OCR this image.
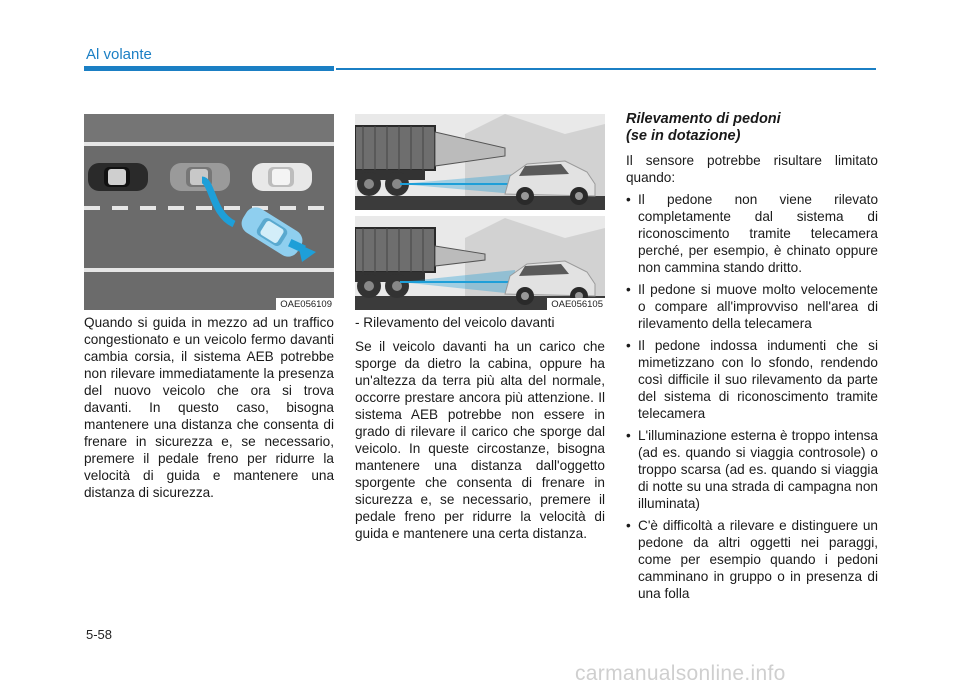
Al volante
OAE056109	OAE056105

Quando si guida in mezzo ad un traffico congestionato e un veicolo fermo davanti cambia corsia, il sistema AEB potrebbe non rilevare immediatamente la presenza del nuovo veicolo che ora si trova davanti. In questo caso, bisogna mantenere una distanza che consenta di frenare in sicurezza e, se necessario, premere il pedale freno per ridurre la velocità di guida e mantenere una distanza di sicurezza.

- Rilevamento del veicolo davanti

Se il veicolo davanti ha un carico che sporge da dietro la cabina, oppure ha un'altezza da terra più alta del normale, occorre prestare ancora più attenzione. Il sistema AEB potrebbe non essere in grado di rilevare il carico che sporge dal veicolo. In queste circostanze, bisogna mantenere una distanza dall'oggetto sporgente che consenta di frenare in sicurezza e, se necessario, premere il pedale freno per ridurre la velocità di guida e mantenere una certa distanza.

Rilevamento di pedoni

(se in dotazione)

Il sensore potrebbe risultare limitato quando:

• Il pedone non viene rilevato completamente dal sistema di riconoscimento tramite telecamera perché, per esempio, è chinato oppure non cammina stando dritto.
• Il pedone si muove molto velocemente o compare all'improvviso nell'area di rilevamento della telecamera
• Il pedone indossa indumenti che si mimetizzano con lo sfondo, rendendo così difficile il suo rilevamento da parte del sistema di riconoscimento tramite telecamera
• L'illuminazione esterna è troppo intensa (ad es. quando si viaggia controsole) o troppo scarsa (ad es. quando si viaggia di notte su una strada di campagna non illuminata)
• C'è difficoltà a rilevare e distinguere un pedone da altri oggetti nei paraggi, come per esempio quando i pedoni camminano in gruppo o in presenza di una folla
5-58
carmanualsonline.info
